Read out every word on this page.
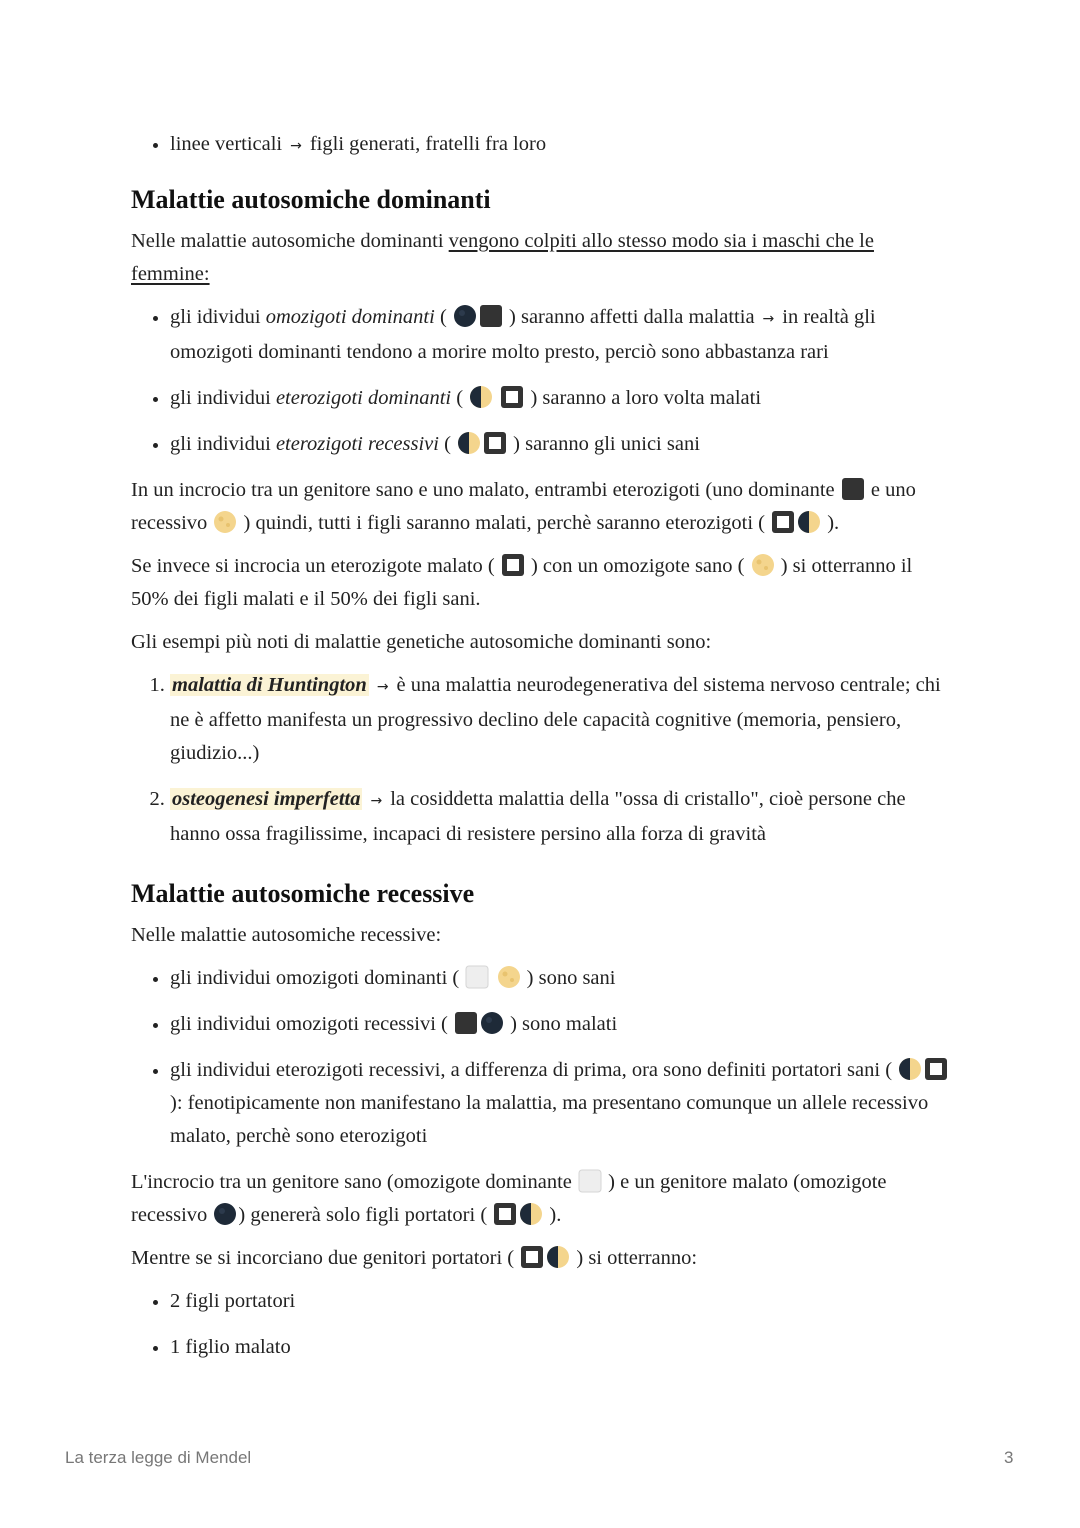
• linee verticali → figli generati, fratelli fra loro
Malattie autosomiche dominanti

Nelle malattie autosomiche dominanti vengono colpiti allo stesso modo sia i maschi che le femmine:

• gli idividui omozigoti dominanti (	) saranno affetti dalla malattia → in realtà gli omozigoti dominanti tendono a morire molto presto, perciò sono abbastanza rari
• gli individui eterozigoti dominanti (	) saranno a loro volta malati
• gli individui eterozigoti recessivi (	) saranno gli unici sani

In un incrocio tra un genitore sano e uno malato, entrambi eterozigoti (uno dominante  e uno recessivo  ) quindi, tutti i figli saranno malati, perchè saranno eterozigoti (	).

Se invece si incrocia un eterozigote malato (  ) con un omozigote sano (  ) si otterranno il 50% dei figli malati e il 50% dei figli sani.

Gli esempi più noti di malattie genetiche autosomiche dominanti sono:

1. malattia di Huntington → è una malattia neurodegenerativa del sistema nervoso centrale; chi ne è affetto manifesta un progressivo declino dele capacità cognitive (memoria, pensiero, giudizio...)
2. osteogenesi imperfetta → la cosiddetta malattia della "ossa di cristallo", cioè persone che hanno ossa fragilissime, incapaci di resistere persino alla forza di gravità
Malattie autosomiche recessive

Nelle malattie autosomiche recessive:

• gli individui omozigoti dominanti (	) sono sani
• gli individui omozigoti recessivi (	) sono malati
• gli individui eterozigoti recessivi, a differenza di prima, ora sono definiti portatori sani (  ): fenotipicamente non manifestano la malattia, ma presentano comunque un allele recessivo malato, perchè sono eterozigoti

L'incrocio tra un genitore sano (omozigote dominante  ) e un genitore malato (omozigote recessivo ) genererà solo figli portatori (	).

Mentre se si incorciano due genitori portatori (	) si otterranno:

• 2 figli portatori
• 1 figlio malato
La terza legge di Mendel	3
